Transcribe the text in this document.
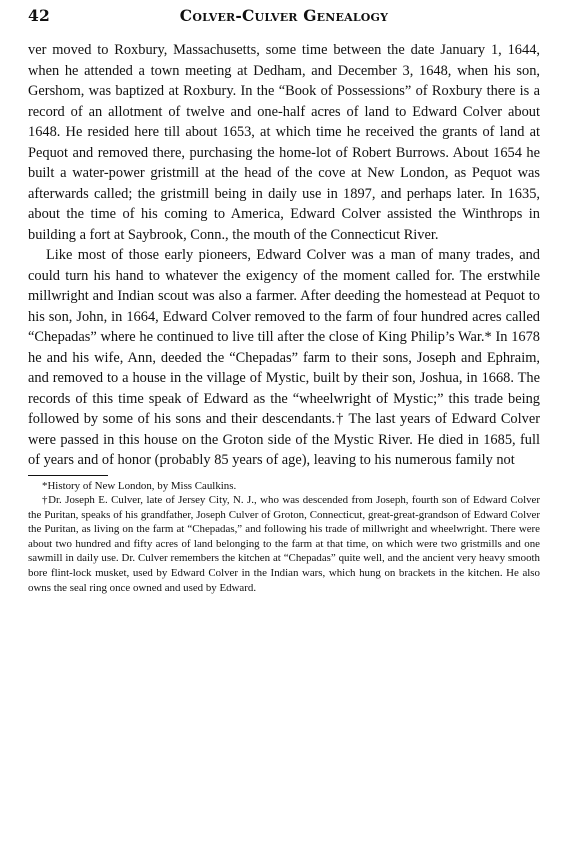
42	Colver-Culver Genealogy

ver moved to Roxbury, Massachusetts, some time between the date January 1, 1644, when he attended a town meeting at Dedham, and December 3, 1648, when his son, Gershom, was baptized at Roxbury. In the “Book of Possessions” of Roxbury there is a record of an allotment of twelve and one-half acres of land to Edward Colver about 1648. He resided here till about 1653, at which time he received the grants of land at Pequot and removed there, purchasing the home-lot of Robert Burrows. About 1654 he built a water-power gristmill at the head of the cove at New London, as Pequot was afterwards called; the gristmill being in daily use in 1897, and perhaps later. In 1635, about the time of his coming to America, Edward Colver assisted the Winthrops in building a fort at Saybrook, Conn., the mouth of the Connecticut River.

Like most of those early pioneers, Edward Colver was a man of many trades, and could turn his hand to whatever the exigency of the moment called for. The erstwhile millwright and Indian scout was also a farmer. After deeding the homestead at Pequot to his son, John, in 1664, Edward Colver removed to the farm of four hundred acres called “Chepadas” where he continued to live till after the close of King Philip’s War.* In 1678 he and his wife, Ann, deeded the “Chepadas” farm to their sons, Joseph and Ephraim, and removed to a house in the village of Mystic, built by their son, Joshua, in 1668. The records of this time speak of Edward as the “wheelwright of Mystic;” this trade being followed by some of his sons and their descendants.† The last years of Edward Colver were passed in this house on the Groton side of the Mystic River. He died in 1685, full of years and of honor (probably 85 years of age), leaving to his numerous family not

*History of New London, by Miss Caulkins.

†Dr. Joseph E. Culver, late of Jersey City, N. J., who was descended from Joseph, fourth son of Edward Colver the Puritan, speaks of his grandfather, Joseph Culver of Groton, Connecticut, great-great-grandson of Edward Colver the Puritan, as living on the farm at “Chepadas,” and following his trade of millwright and wheelwright. There were about two hundred and fifty acres of land belonging to the farm at that time, on which were two gristmills and one sawmill in daily use. Dr. Culver remembers the kitchen at “Chepadas” quite well, and the ancient very heavy smooth bore flint-lock musket, used by Edward Colver in the Indian wars, which hung on brackets in the kitchen. He also owns the seal ring once owned and used by Edward.
